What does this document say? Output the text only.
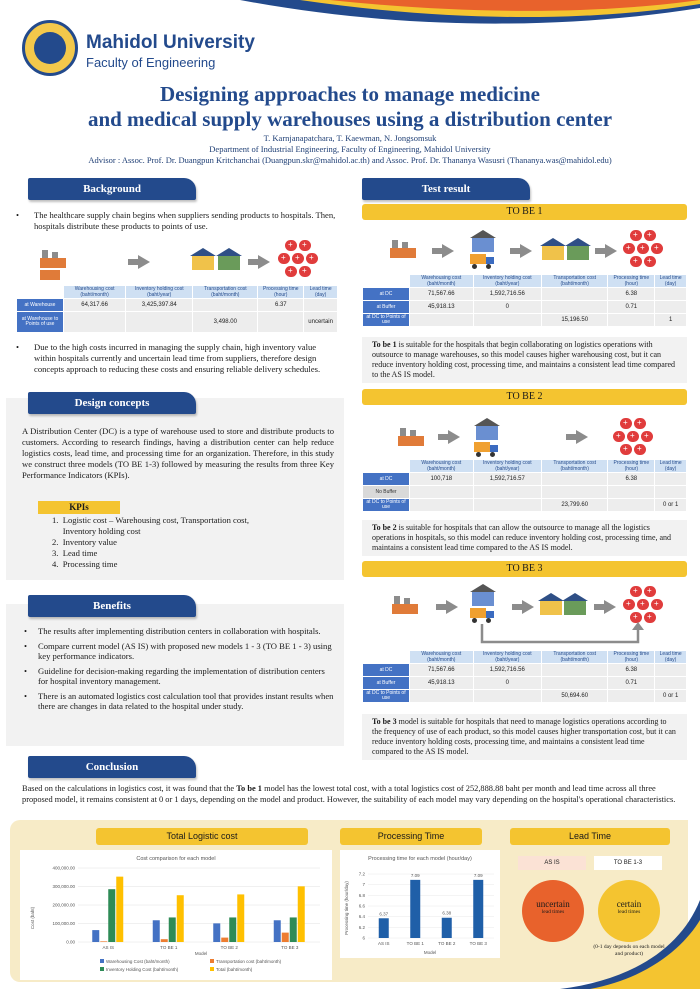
Mahidol University
Faculty of Engineering
Designing approaches to manage medicine
and medical supply warehouses using a distribution center
T. Karnjanapatchara, T. Kaewman, N. Jongsomsuk
Department of Industrial Engineering, Faculty of Engineering, Mahidol University
Advisor : Assoc. Prof. Dr. Duangpun Kritchanchai (Duangpun.skr@mahidol.ac.th) and Assoc. Prof. Dr. Thananya Wasusri (Thananya.was@mahidol.edu)
Background
• The healthcare supply chain begins when suppliers sending products to hospitals. Then, hospitals distribute these products to points of use.
+
+
+
+
+
+
+
	Warehousing cost (baht/month)	Inventory holding cost (baht/year)	Transportation cost (baht/month)	Processing time (hour)	Lead time (day)
at Warehouse	64,317.66	3,425,397.84		6.37	
at Warehouse to Points of use			3,498.00		uncertain
• Due to the high costs incurred in managing the supply chain, high inventory value within hospitals currently and uncertain lead time from suppliers, therefore design concepts approach to reducing these costs and ensuring reliable delivery schedules.
Design concepts
A Distribution Center (DC) is a type of warehouse used to store and distribute products to customers. According to research findings, having a distribution center can help reduce logistics costs, lead time, and processing time for an organization. Therefore, in this study we construct three models (TO BE 1-3) followed by measuring the results from three Key Performance Indicators (KPIs).
KPIs
1.  Logistic cost – Warehousing cost, Transportation cost,
Inventory holding cost
2.  Inventory value
3.  Lead time
4.  Processing time
Benefits
• The results after implementing distribution centers in collaboration with hospitals.
• Compare current model (AS IS) with proposed new models 1 - 3 (TO BE 1 - 3) using key performance indicators.
• Guideline for decision-making regarding the implementation of distribution centers for hospital inventory management.
• There is an automated logistics cost calculation tool that provides instant results when there are changes in data related to the hospital under study.
Test result
TO BE 1
+
+
+
+
+
+
+
	Warehousing cost (baht/month)	Inventory holding cost (baht/year)	Transportation cost (baht/month)	Processing time (hour)	Lead time (day)
at DC	71,567.66	1,592,716.56		6.38	
at Buffer	45,918.13	0		0.71	
at DC to Points of use			15,196.50		1
To be 1 is suitable for the hospitals that begin collaborating on logistics operations with outsource to manage warehouses, so this model causes higher warehousing cost, but it can reduce inventory holding cost, processing time, and maintains a consistent lead time compared to the AS IS model.
TO BE 2
+
+
+
+
+
+
+
	Warehousing cost (baht/month)	Inventory holding cost (baht/year)	Transportation cost (baht/month)	Processing time (hour)	Lead time (day)
at DC	100,718	1,592,716.57		6.38	
No Buffer					
at DC to Points of use			23,799.60		0 or 1
To be 2 is suitable for hospitals that can allow the outsource to manage all the logistics operations in hospitals, so this model can reduce inventory holding cost, processing time, and maintains a consistent lead time compared to the AS IS model.
TO BE 3
+
+
+
+
+
+
+
	Warehousing cost (baht/month)	Inventory holding cost (baht/year)	Transportation cost (baht/month)	Processing time (hour)	Lead time (day)
at DC	71,567.66	1,592,716.56		6.38	
at Buffer	45,918.13	0		0.71	
at DC to Points of use			50,694.60		0 or 1
To be 3 model is suitable for hospitals that need to manage logistics operations according to the frequency of use of each product, so this model causes higher transportation cost, but it can reduce inventory holding costs, processing time, and maintains a consistent lead time compared to the AS IS model.
Conclusion
Based on the calculations in logistics cost, it was found that the To be 1 model has the lowest total cost, with a total logistics cost of 252,888.88 baht per month and lead time across all three proposed model, it remains consistent at 0 or 1 days, depending on the model and product. However, the suitability of each model may vary depending on the hospital's operational characteristics.
Total Logistic cost	Processing Time	Lead Time
Cost comparison for each model
Cost (baht)
Model
0.00
100,000.00
200,000.00
300,000.00
400,000.00
AS IS	TO BE 1	TO BE 2	TO BE 3
Warehousing Cost (baht/month)	Transportation cost (baht/month)
Inventory Holding Cost (baht/month)	Total (baht/month)
Processing time for each model (hour/day)
Processing time (hour/day)
Model
6
6.2
6.4
6.6
6.8
7
7.2
6.37
AS IS
7.09
TO BE 1
6.38
TO BE 2
7.09
TO BE 3
AS IS	TO BE 1-3
uncertain
lead times
certain
lead times
(0-1 day depends on each model and product)
